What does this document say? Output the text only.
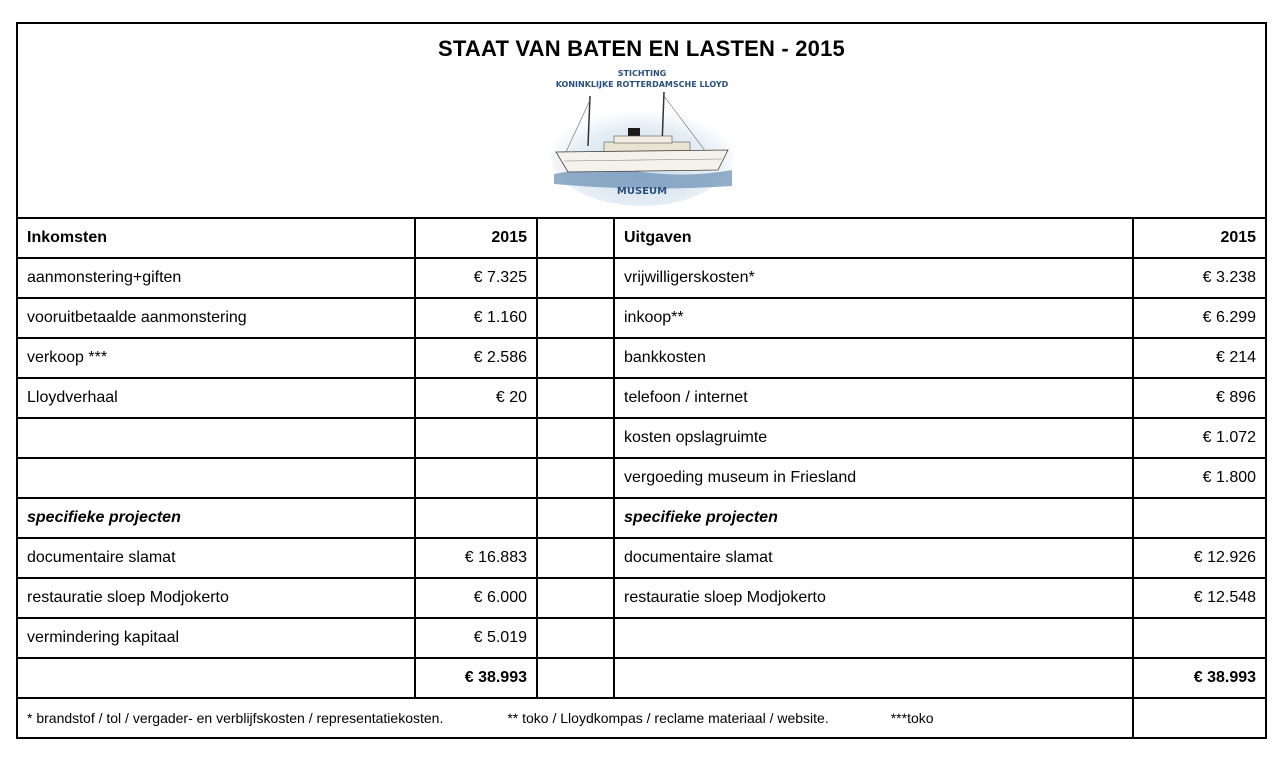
STAAT VAN BATEN EN LASTEN - 2015
STICHTING
KONINKLIJKE ROTTERDAMSCHE LLOYD
MUSEUM				

Inkomsten	2015		Uitgaven	2015
aanmonstering+giften	€ 7.325		vrijwilligerskosten*	€ 3.238
vooruitbetaalde aanmonstering	€ 1.160		inkoop**	€ 6.299
verkoop ***	€ 2.586		bankkosten	€ 214
Lloydverhaal	€ 20		telefoon / internet	€ 896
			kosten opslagruimte	€ 1.072
			vergoeding museum in Friesland	€ 1.800
specifieke projecten			specifieke projecten	
documentaire slamat	€ 16.883		documentaire slamat	€ 12.926
restauratie sloep Modjokerto	€ 6.000		restauratie sloep Modjokerto	€ 12.548
vermindering kapitaal	€ 5.019			
	€ 38.993			€ 38.993
* brandstof / tol / vergader- en verblijfskosten / representatiekosten. ** toko / Lloydkompas / reclame materiaal / website. ***toko				
